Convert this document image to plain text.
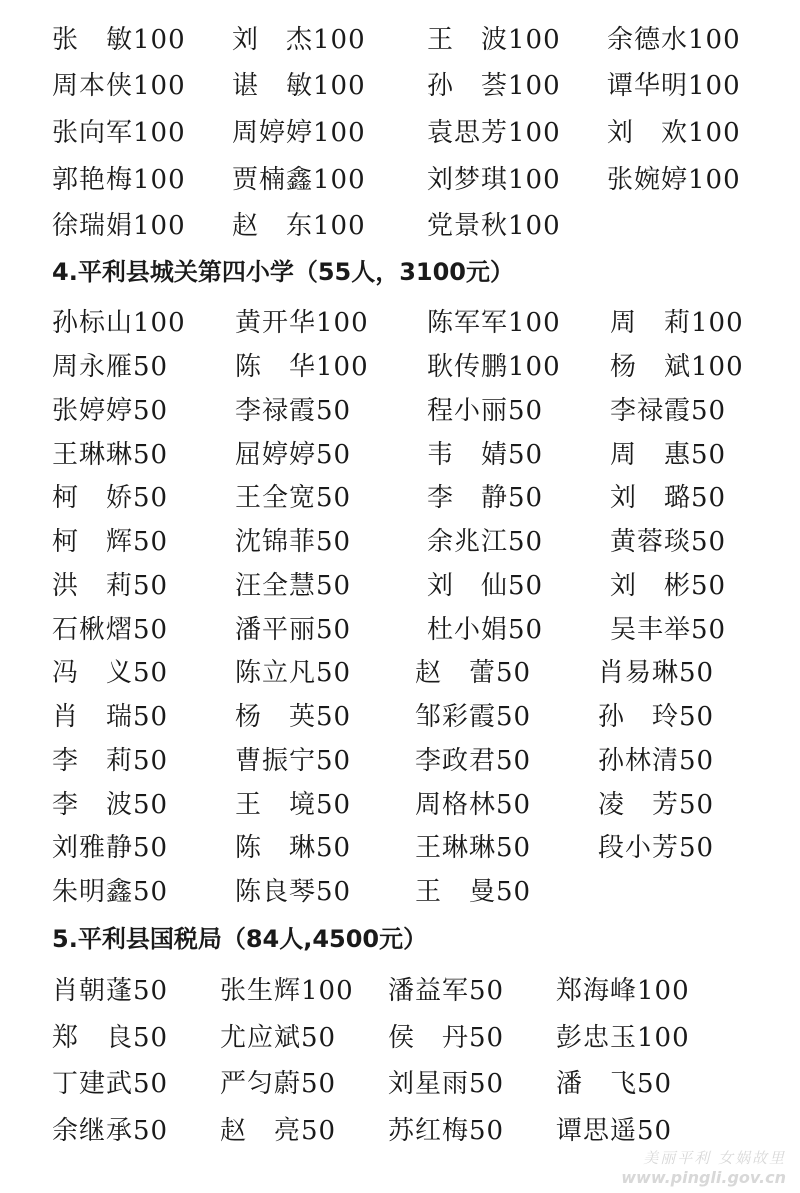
张　敏100 刘　杰100 王　波100 余德水100
周本侠100 谌　敏100 孙　荟100 谭华明100
张向军100 周婷婷100 袁思芳100 刘　欢100
郭艳梅100 贾楠鑫100 刘梦琪100 张婉婷100
徐瑞娟100 赵　东100 党景秋100
4.平利县城关第四小学（55人，3100元）
孙标山100 黄开华100 陈军军100 周　莉100
周永雁50	陈　华100 耿传鹏100 杨　斌100
张婷婷50	李禄霞50	程小丽50	李禄霞50
王琳琳50	屈婷婷50	韦　婧50	周　惠50
柯　娇50	王全宽50	李　静50	刘　璐50
柯　辉50	沈锦菲50	余兆江50	黄蓉琰50
洪　莉50	汪全慧50	刘　仙50	刘　彬50
石楸熠50	潘平丽50	杜小娟50	吴丰举50
冯　义50	陈立凡50 赵　蕾50	肖易琳50
肖　瑞50	杨　英50 邹彩霞50	孙　玲50
李　莉50	曹振宁50 李政君50	孙林清50
李　波50	王　境50 周格林50	凌　芳50
刘雅静50	陈　琳50 王琳琳50	段小芳50
朱明鑫50	陈良琴50 王　曼50
5.平利县国税局（84人,4500元）
肖朝蓬50 张生辉100 潘益军50 郑海峰100
郑　良50 尤应斌50 侯　丹50 彭忠玉100
丁建武50 严匀蔚50 刘星雨50 潘　飞50
余继承50 赵　亮50 苏红梅50 谭思遥50
美丽平利 女娲故里
www.pingli.gov.cn
